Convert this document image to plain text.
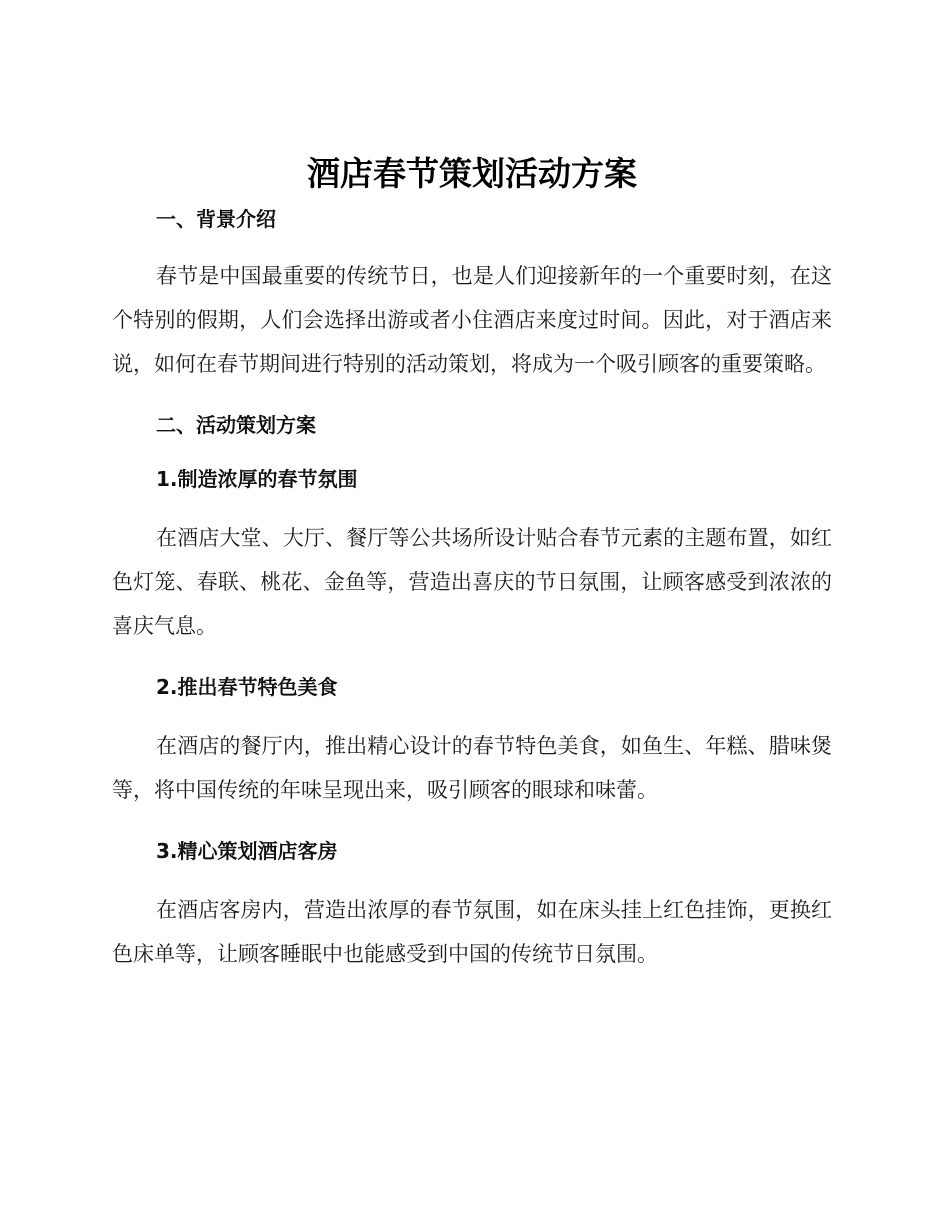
酒店春节策划活动方案
一、背景介绍

春节是中国最重要的传统节日，也是人们迎接新年的一个重要时刻，在这个特别的假期，人们会选择出游或者小住酒店来度过时间。因此，对于酒店来说，如何在春节期间进行特别的活动策划，将成为一个吸引顾客的重要策略。

二、活动策划方案
1.制造浓厚的春节氛围

在酒店大堂、大厅、餐厅等公共场所设计贴合春节元素的主题布置，如红色灯笼、春联、桃花、金鱼等，营造出喜庆的节日氛围，让顾客感受到浓浓的喜庆气息。

2.推出春节特色美食

在酒店的餐厅内，推出精心设计的春节特色美食，如鱼生、年糕、腊味煲等，将中国传统的年味呈现出来，吸引顾客的眼球和味蕾。

3.精心策划酒店客房

在酒店客房内，营造出浓厚的春节氛围，如在床头挂上红色挂饰，更换红色床单等，让顾客睡眠中也能感受到中国的传统节日氛围。
